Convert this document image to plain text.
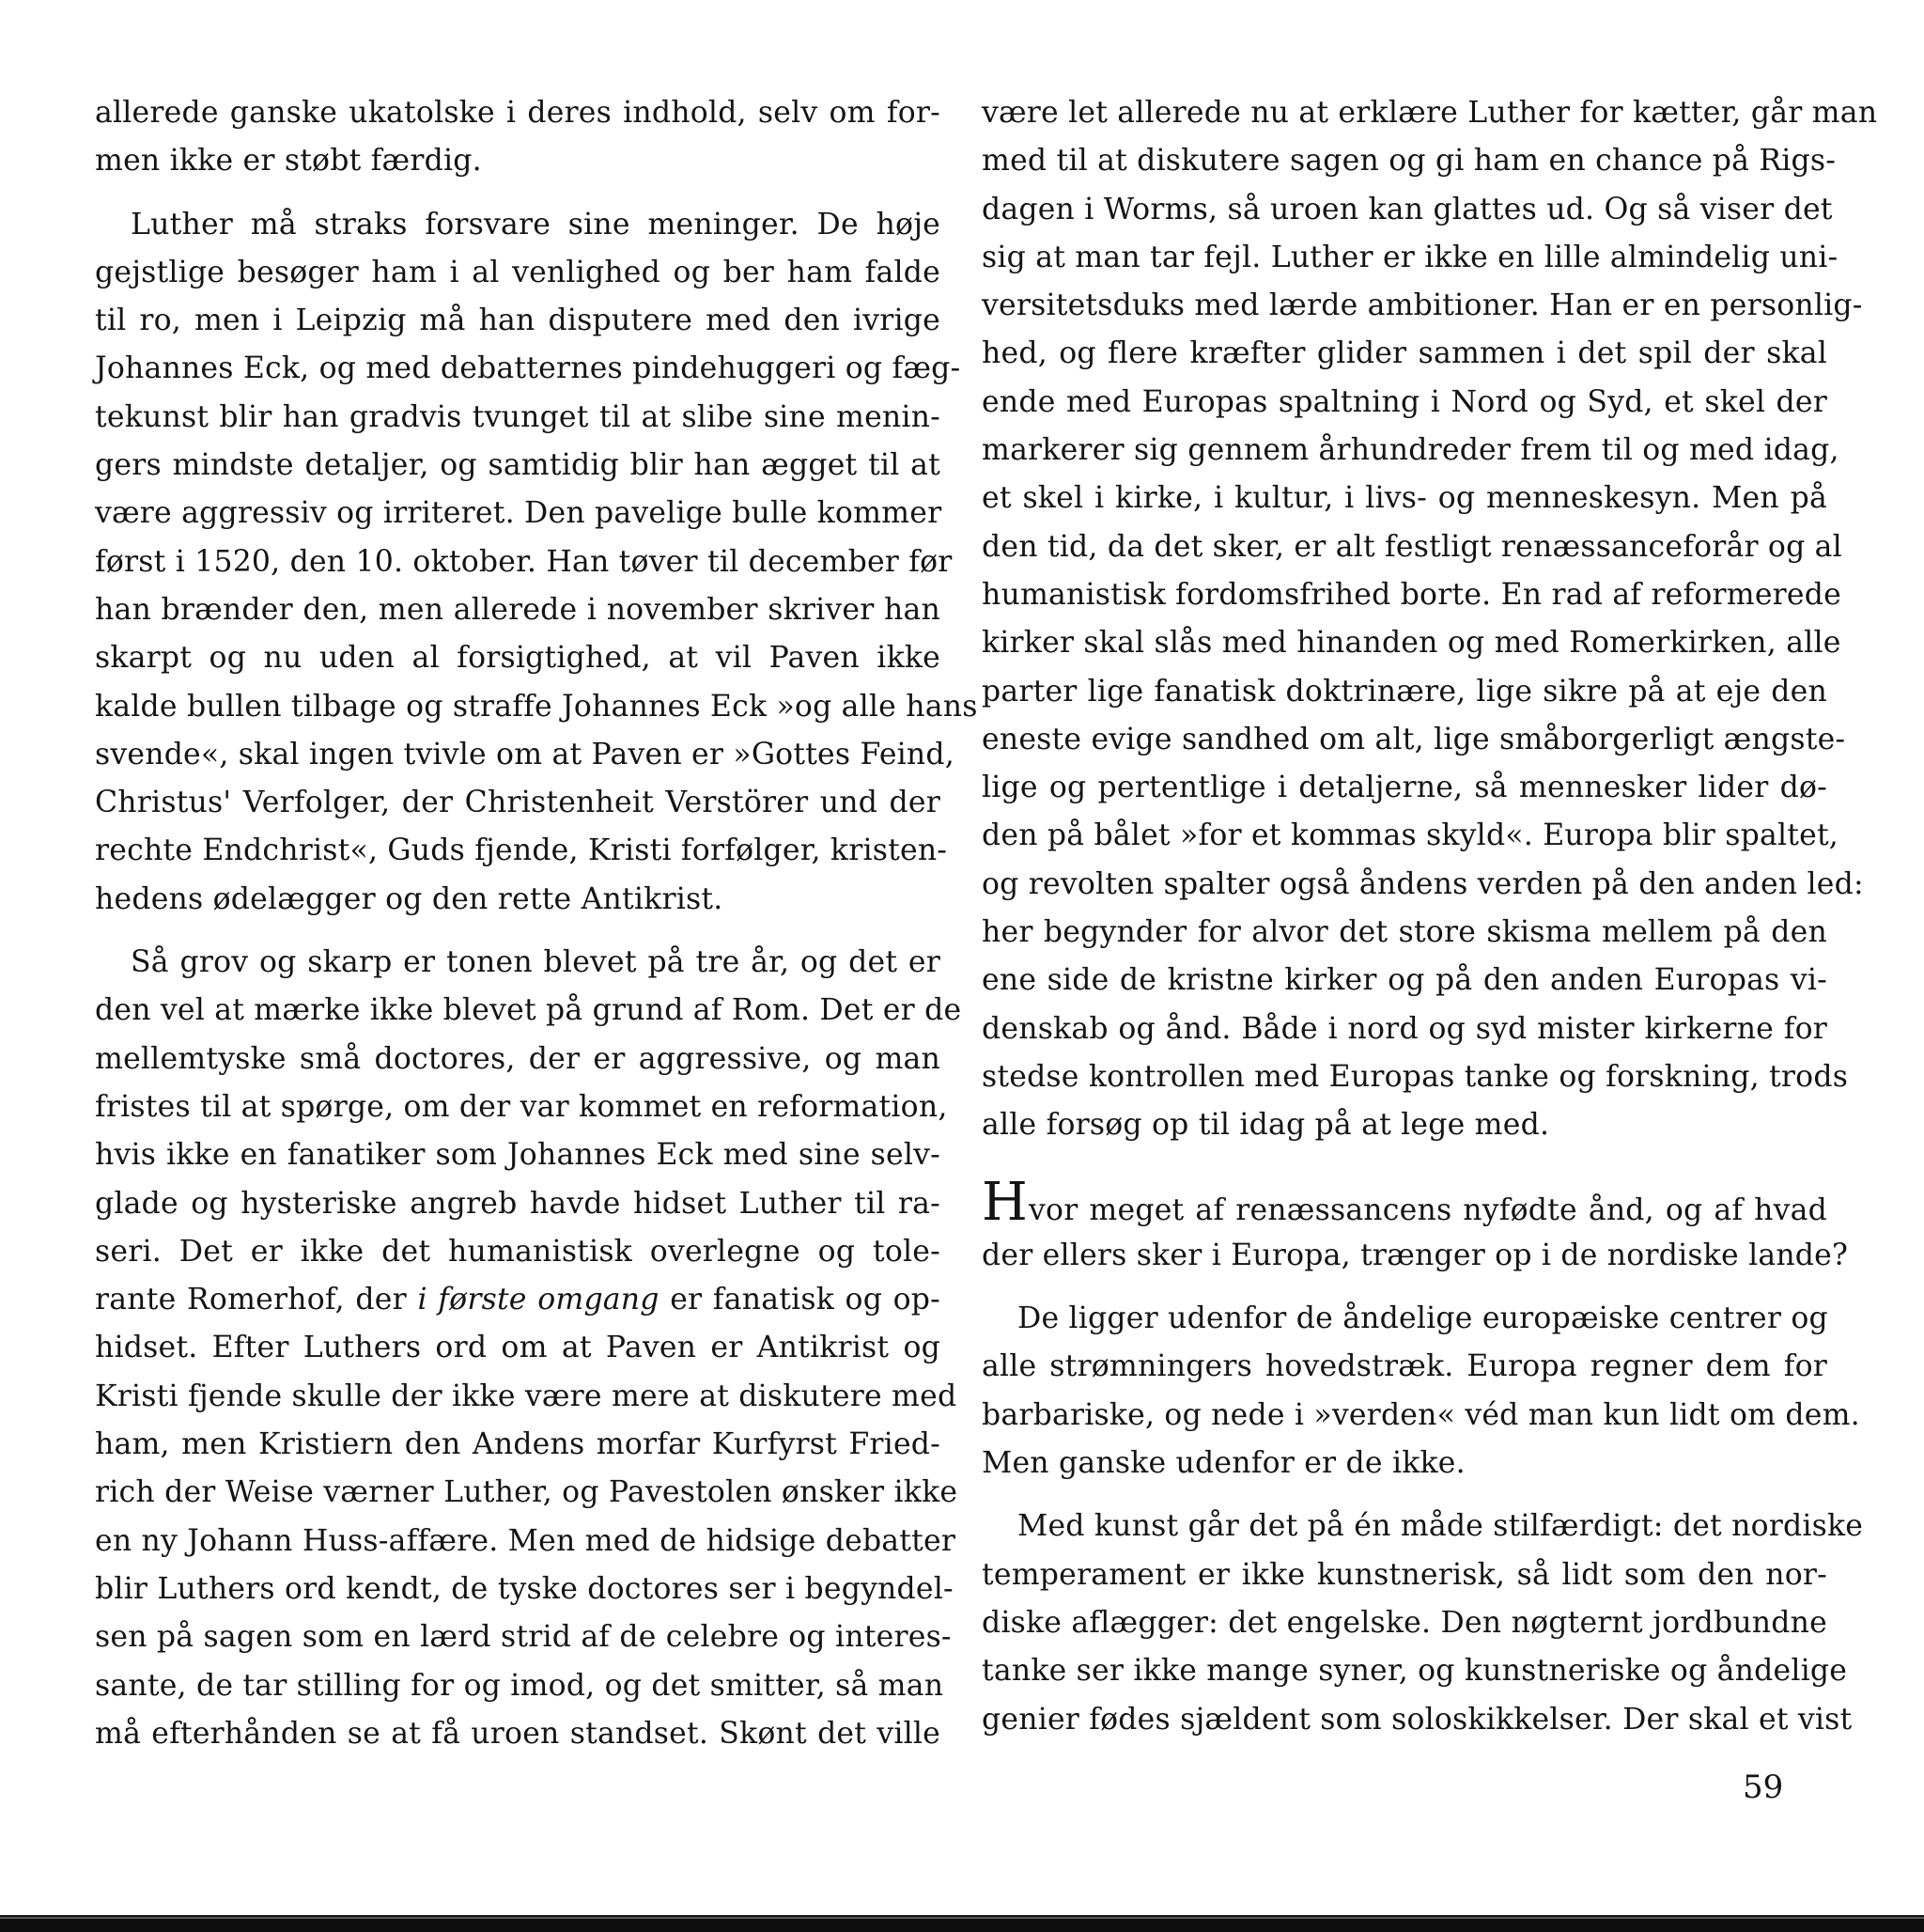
allerede ganske ukatolske i deres indhold, selv om for-
men ikke er støbt færdig.
Luther må straks forsvare sine meninger. De høje
gejstlige besøger ham i al venlighed og ber ham falde
til ro, men i Leipzig må han disputere med den ivrige
Johannes Eck, og med debatternes pindehuggeri og fæg-
tekunst blir han gradvis tvunget til at slibe sine menin-
gers mindste detaljer, og samtidig blir han ægget til at
være aggressiv og irriteret. Den pavelige bulle kommer
først i 1520, den 10. oktober. Han tøver til december før
han brænder den, men allerede i november skriver han
skarpt og nu uden al forsigtighed, at vil Paven ikke
kalde bullen tilbage og straffe Johannes Eck »og alle hans
svende«, skal ingen tvivle om at Paven er »Gottes Feind,
Christus' Verfolger, der Christenheit Verstörer und der
rechte Endchrist«, Guds fjende, Kristi forfølger, kristen-
hedens ødelægger og den rette Antikrist.
Så grov og skarp er tonen blevet på tre år, og det er
den vel at mærke ikke blevet på grund af Rom. Det er de
mellemtyske små doctores, der er aggressive, og man
fristes til at spørge, om der var kommet en reformation,
hvis ikke en fanatiker som Johannes Eck med sine selv-
glade og hysteriske angreb havde hidset Luther til ra-
seri. Det er ikke det humanistisk overlegne og tole-
rante Romerhof, der i første omgang er fanatisk og op-
hidset. Efter Luthers ord om at Paven er Antikrist og
Kristi fjende skulle der ikke være mere at diskutere med
ham, men Kristiern den Andens morfar Kurfyrst Fried-
rich der Weise værner Luther, og Pavestolen ønsker ikke
en ny Johann Huss-affære. Men med de hidsige debatter
blir Luthers ord kendt, de tyske doctores ser i begyndel-
sen på sagen som en lærd strid af de celebre og interes-
sante, de tar stilling for og imod, og det smitter, så man
må efterhånden se at få uroen standset. Skønt det ville
være let allerede nu at erklære Luther for kætter, går man
med til at diskutere sagen og gi ham en chance på Rigs-
dagen i Worms, så uroen kan glattes ud. Og så viser det
sig at man tar fejl. Luther er ikke en lille almindelig uni-
versitetsduks med lærde ambitioner. Han er en personlig-
hed, og flere kræfter glider sammen i det spil der skal
ende med Europas spaltning i Nord og Syd, et skel der
markerer sig gennem århundreder frem til og med idag,
et skel i kirke, i kultur, i livs- og menneskesyn. Men på
den tid, da det sker, er alt festligt renæssanceforår og al
humanistisk fordomsfrihed borte. En rad af reformerede
kirker skal slås med hinanden og med Romerkirken, alle
parter lige fanatisk doktrinære, lige sikre på at eje den
eneste evige sandhed om alt, lige småborgerligt ængste-
lige og pertentlige i detaljerne, så mennesker lider dø-
den på bålet »for et kommas skyld«. Europa blir spaltet,
og revolten spalter også åndens verden på den anden led:
her begynder for alvor det store skisma mellem på den
ene side de kristne kirker og på den anden Europas vi-
denskab og ånd. Både i nord og syd mister kirkerne for
stedse kontrollen med Europas tanke og forskning, trods
alle forsøg op til idag på at lege med.
Hvor meget af renæssancens nyfødte ånd, og af hvad
der ellers sker i Europa, trænger op i de nordiske lande?
De ligger udenfor de åndelige europæiske centrer og
alle strømningers hovedstræk. Europa regner dem for
barbariske, og nede i »verden« véd man kun lidt om dem.
Men ganske udenfor er de ikke.
Med kunst går det på én måde stilfærdigt: det nordiske
temperament er ikke kunstnerisk, så lidt som den nor-
diske aflægger: det engelske. Den nøgternt jordbundne
tanke ser ikke mange syner, og kunstneriske og åndelige
genier fødes sjældent som soloskikkelser. Der skal et vist
59
